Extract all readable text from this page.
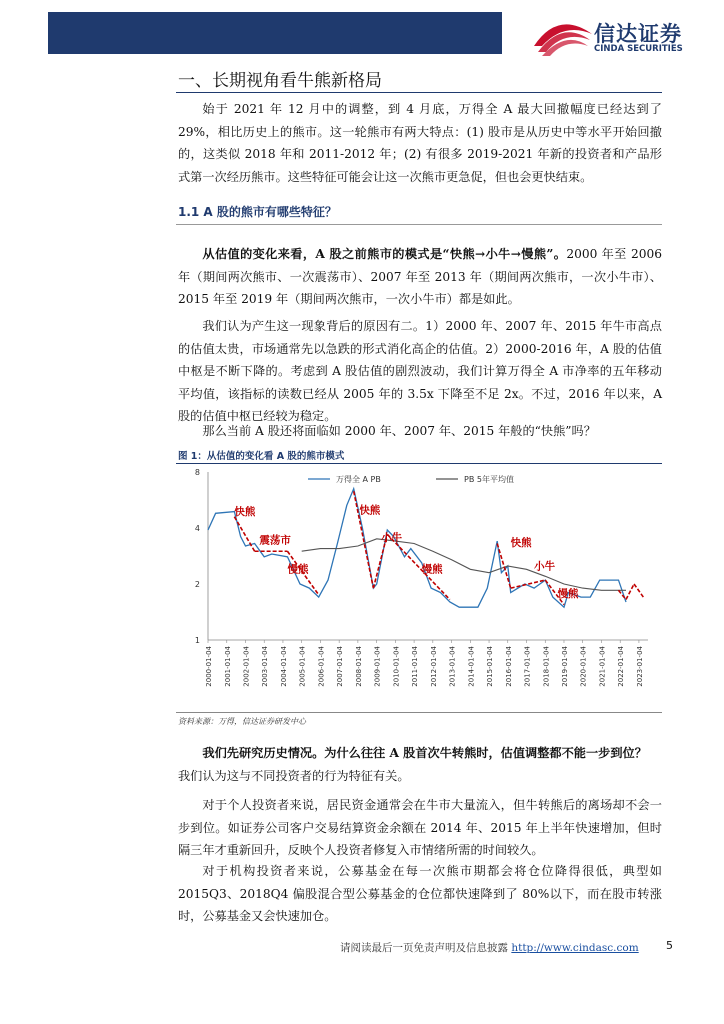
信达证券
CINDA SECURITIES
一、长期视角看牛熊新格局

始于 2021 年 12 月中的调整，到 4 月底，万得全 A 最大回撤幅度已经达到了 29%，相比历史上的熊市。这一轮熊市有两大特点：(1) 股市是从历史中等水平开始回撤的，这类似 2018 年和 2011-2012 年；(2) 有很多 2019-2021 年新的投资者和产品形式第一次经历熊市。这些特征可能会让这一次熊市更急促，但也会更快结束。

1.1 A 股的熊市有哪些特征？

从估值的变化来看，A 股之前熊市的模式是“快熊→小牛→慢熊”。2000 年至 2006 年（期间两次熊市、一次震荡市）、2007 年至 2013 年（期间两次熊市，一次小牛市）、2015 年至 2019 年（期间两次熊市，一次小牛市）都是如此。

我们认为产生这一现象背后的原因有二。1）2000 年、2007 年、2015 年牛市高点的估值太贵，市场通常先以急跌的形式消化高企的估值。2）2000-2016 年，A 股的估值中枢是不断下降的。考虑到 A 股估值的剧烈波动，我们计算万得全 A 市净率的五年移动平均值，该指标的读数已经从 2005 年的 3.5x 下降至不足 2x。不过，2016 年以来，A 股的估值中枢已经较为稳定。

那么当前 A 股还将面临如 2000 年、2007 年、2015 年般的“快熊”吗？

图 1：从估值的变化看 A 股的熊市模式
1
2
4
8
2000-01-04 2001-01-04 2002-01-04 2003-01-04 2004-01-04 2005-01-04 2006-01-04 2007-01-04 2008-01-04 2009-01-04 2010-01-04 2011-01-04 2012-01-04 2013-01-04 2014-01-04 2015-01-04 2016-01-04 2017-01-04 2018-01-04 2019-01-04 2020-01-04 2021-01-04 2022-01-04 2023-01-04
万得全 A PB	PB 5年平均值
快熊
震荡市
慢熊
快熊
小牛
慢熊
快熊
小牛
慢熊
资料来源：万得，信达证券研发中心

我们先研究历史情况。为什么往往 A 股首次牛转熊时，估值调整都不能一步到位？
我们认为这与不同投资者的行为特征有关。

对于个人投资者来说，居民资金通常会在牛市大量流入，但牛转熊后的离场却不会一步到位。如证券公司客户交易结算资金余额在 2014 年、2015 年上半年快速增加，但时隔三年才重新回升，反映个人投资者修复入市情绪所需的时间较久。

对于机构投资者来说，公募基金在每一次熊市期都会将仓位降得很低，典型如 2015Q3、2018Q4 偏股混合型公募基金的仓位都快速降到了 80%以下，而在股市转涨时，公募基金又会快速加仓。

请阅读最后一页免责声明及信息披露 http://www.cindasc.com 5
